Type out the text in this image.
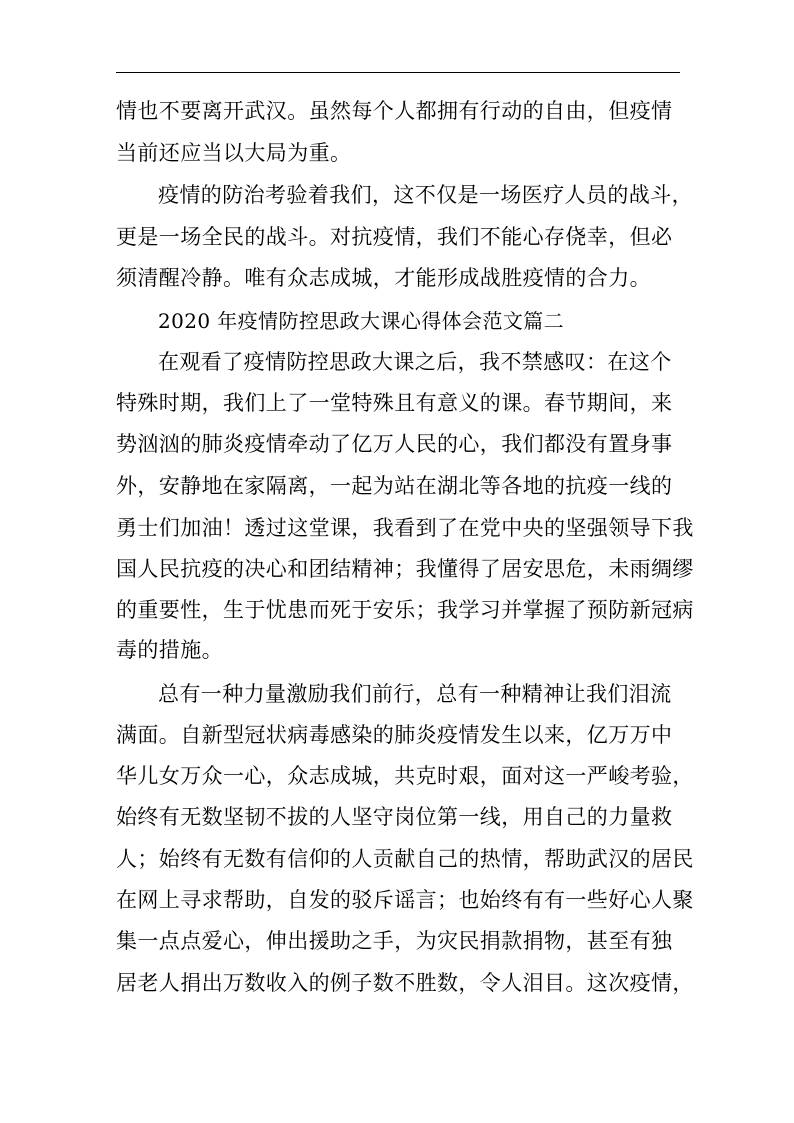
情也不要离开武汉。虽然每个人都拥有行动的自由，但疫情
当前还应当以大局为重。
疫情的防治考验着我们，这不仅是一场医疗人员的战斗，
更是一场全民的战斗。对抗疫情，我们不能心存侥幸，但必
须清醒冷静。唯有众志成城，才能形成战胜疫情的合力。
2020 年疫情防控思政大课心得体会范文篇二
在观看了疫情防控思政大课之后，我不禁感叹：在这个
特殊时期，我们上了一堂特殊且有意义的课。春节期间，来
势汹汹的肺炎疫情牵动了亿万人民的心，我们都没有置身事
外，安静地在家隔离，一起为站在湖北等各地的抗疫一线的
勇士们加油！透过这堂课，我看到了在党中央的坚强领导下我
国人民抗疫的决心和团结精神；我懂得了居安思危，未雨绸缪
的重要性，生于忧患而死于安乐；我学习并掌握了预防新冠病
毒的措施。
总有一种力量激励我们前行，总有一种精神让我们泪流
满面。自新型冠状病毒感染的肺炎疫情发生以来，亿万万中
华儿女万众一心，众志成城，共克时艰，面对这一严峻考验，
始终有无数坚韧不拔的人坚守岗位第一线，用自己的力量救
人；始终有无数有信仰的人贡献自己的热情，帮助武汉的居民
在网上寻求帮助，自发的驳斥谣言；也始终有有一些好心人聚
集一点点爱心，伸出援助之手，为灾民捐款捐物，甚至有独
居老人捐出万数收入的例子数不胜数，令人泪目。这次疫情，
